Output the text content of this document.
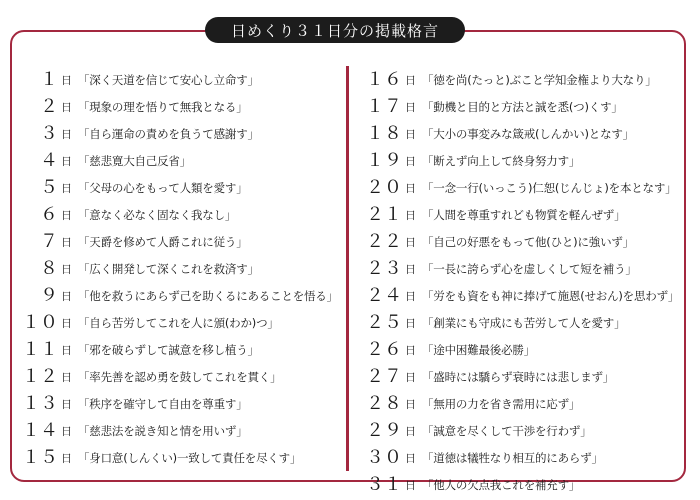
日めくり３１日分の掲載格言
１ 日 「深く天道を信じて安心し立命す」
２ 日 「現象の理を悟りて無我となる」
３ 日 「自ら運命の責めを負うて感謝す」
４ 日 「慈悲寛大自己反省」
５ 日 「父母の心をもって人類を愛す」
６ 日 「意なく必なく固なく我なし」
７ 日 「天爵を修めて人爵これに従う」
８ 日 「広く開発して深くこれを救済す」
９ 日 「他を救うにあらず己を助くるにあることを悟る」
１０ 日 「自ら苦労してこれを人に頒(わか)つ」
１１ 日 「邪を破らずして誠意を移し植う」
１２ 日 「率先善を認め勇を鼓してこれを貫く」
１３ 日 「秩序を確守して自由を尊重す」
１４ 日 「慈悲法を説き知と情を用いず」
１５ 日 「身口意(しんくい)一致して責任を尽くす」
１６ 日 「徳を尚(たっと)ぶこと学知金権より大なり」
１７ 日 「動機と目的と方法と誠を悉(つ)くす」
１８ 日 「大小の事変みな箴戒(しんかい)となす」
１９ 日 「断えず向上して終身努力す」
２０ 日 「一念一行(いっこう)仁恕(じんじょ)を本となす」
２１ 日 「人間を尊重すれども物質を軽んぜず」
２２ 日 「自己の好悪をもって他(ひと)に強いず」
２３ 日 「一長に誇らず心を虚しくして短を補う」
２４ 日 「労をも資をも神に捧げて施恩(せおん)を思わず」
２５ 日 「創業にも守成にも苦労して人を愛す」
２６ 日 「途中困難最後必勝」
２７ 日 「盛時には驕らず衰時には悲しまず」
２８ 日 「無用の力を省き需用に応ず」
２９ 日 「誠意を尽くして干渉を行わず」
３０ 日 「道徳は犠牲なり相互的にあらず」
３１ 日 「他人の欠点我これを補充す」
